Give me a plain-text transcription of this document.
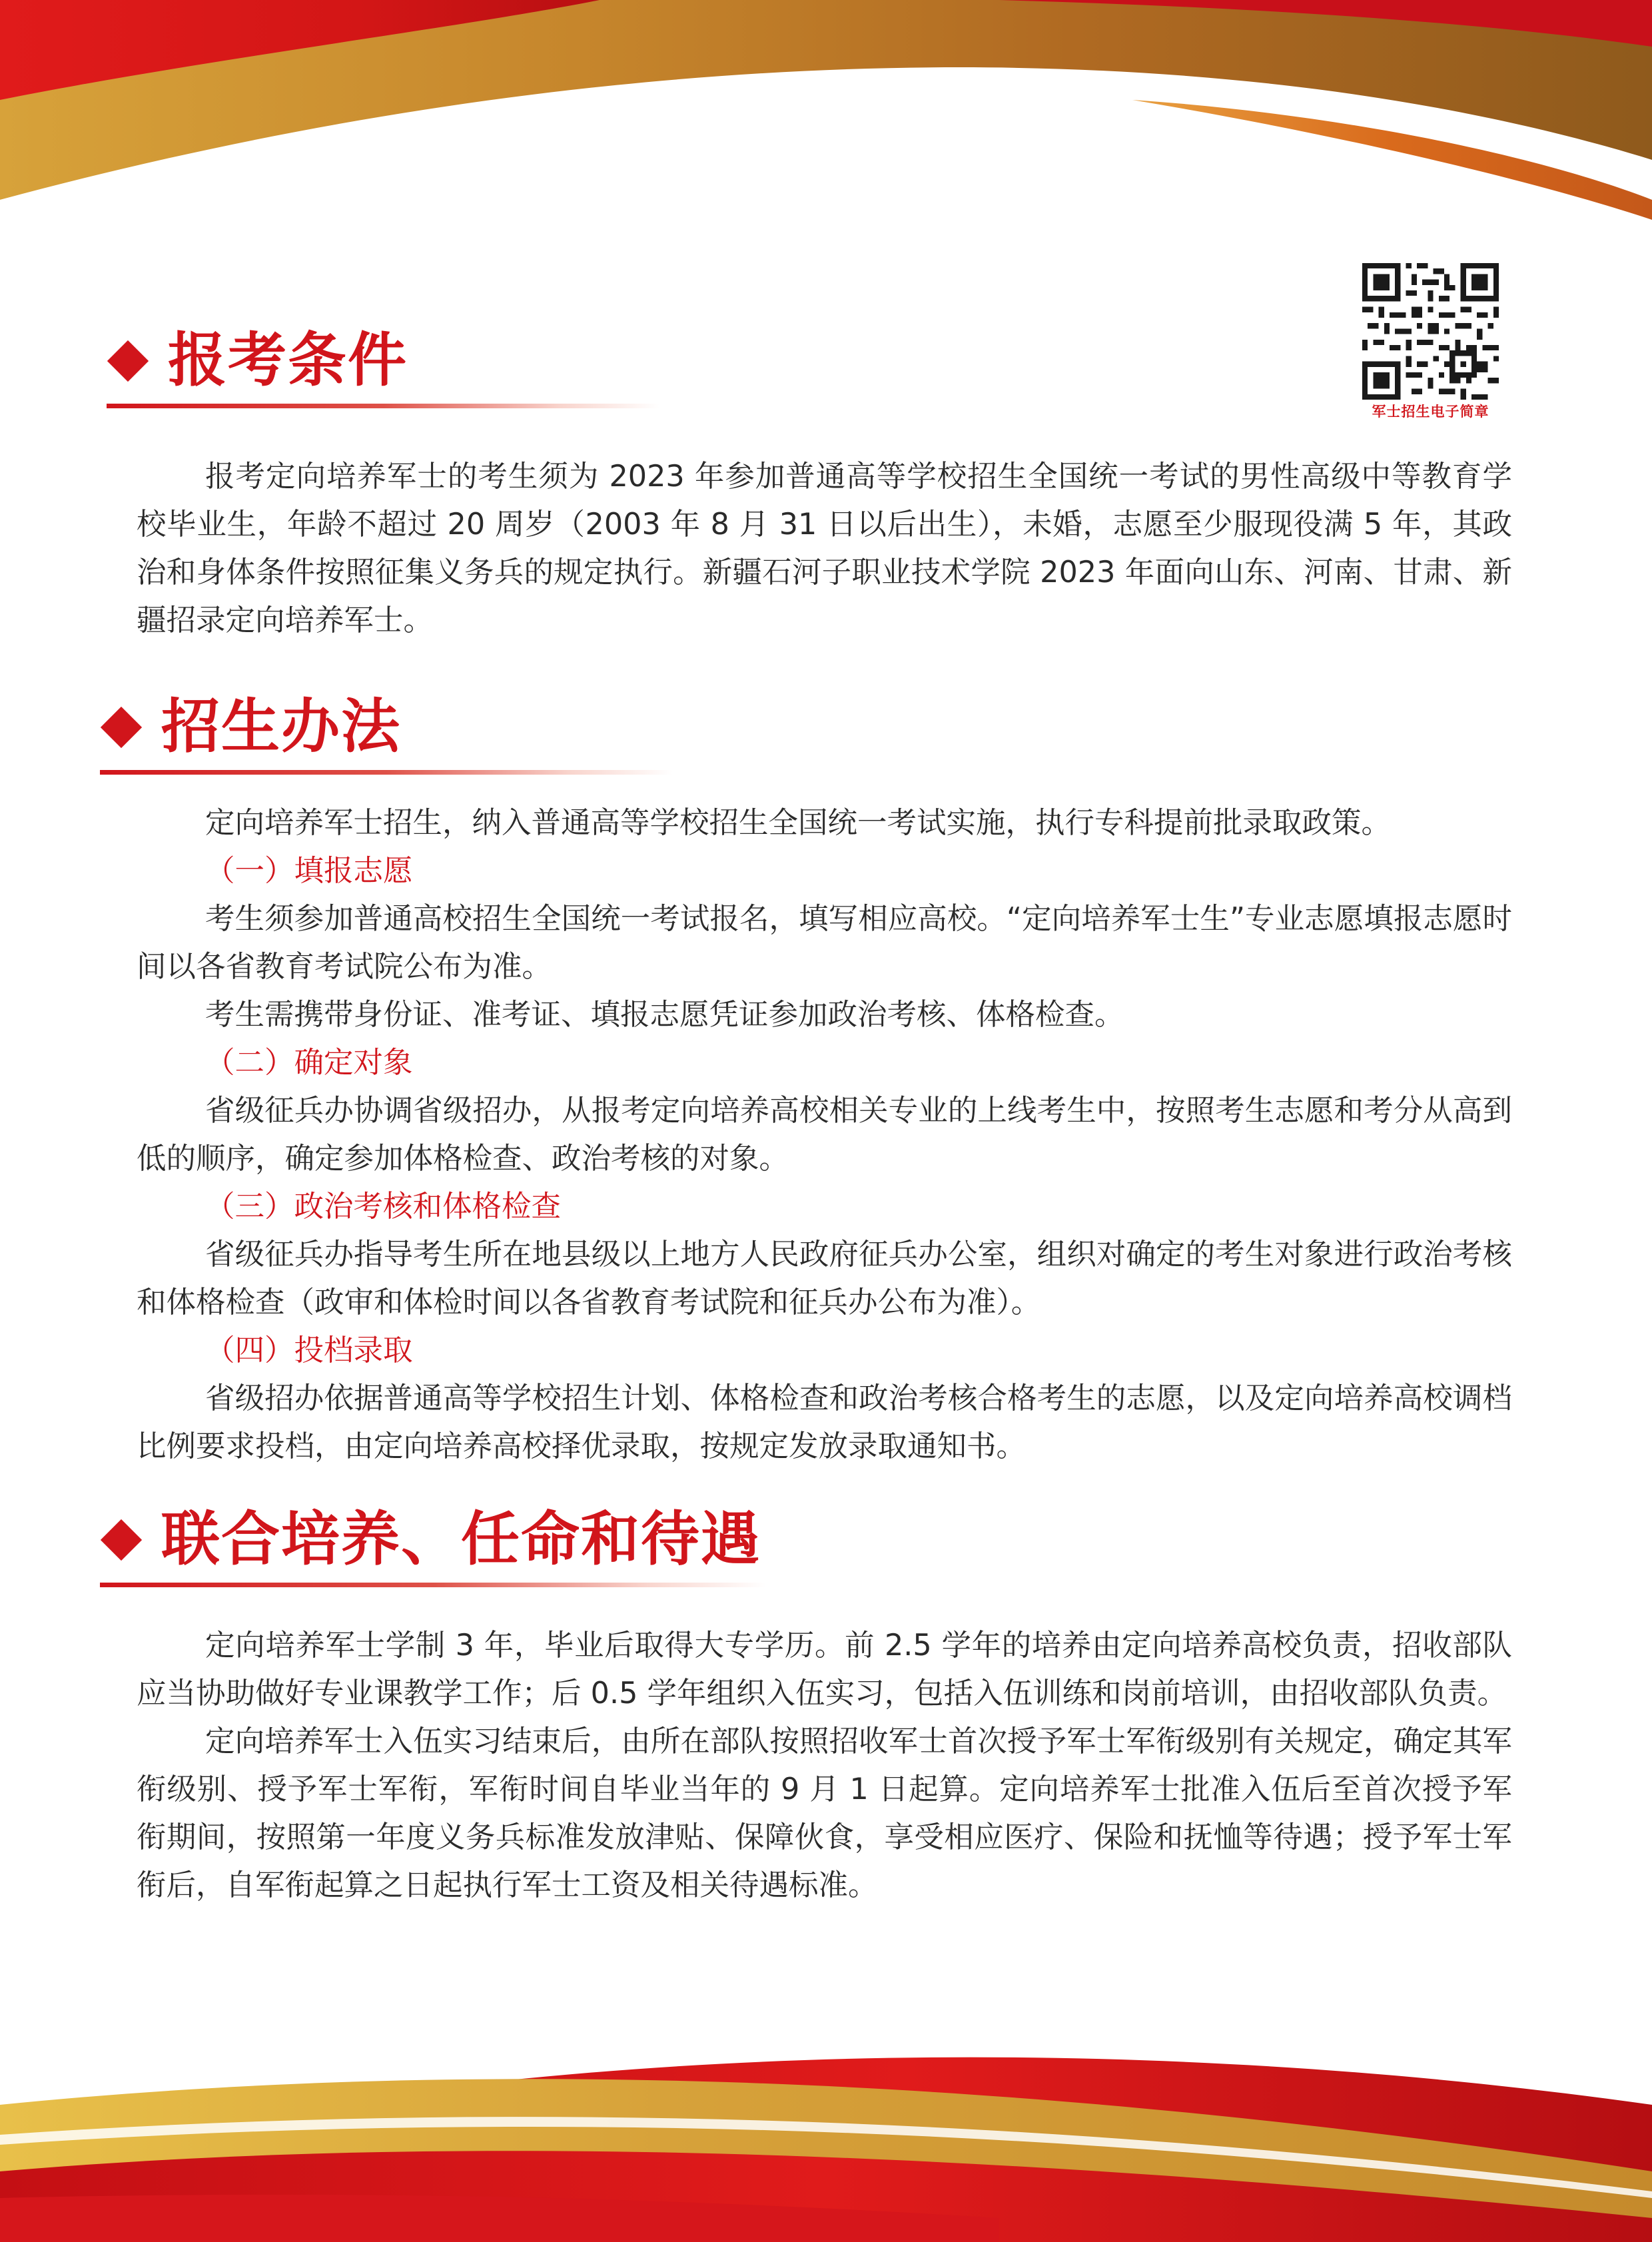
军士招生电子简章
报考条件

报考定向培养军士的考生须为 2023 年参加普通高等学校招生全国统一考试的男性高级中等教育学校毕业生，年龄不超过 20 周岁（2003 年 8 月 31 日以后出生），未婚，志愿至少服现役满 5 年，其政治和身体条件按照征集义务兵的规定执行。新疆石河子职业技术学院 2023 年面向山东、河南、甘肃、新疆招录定向培养军士。

招生办法

定向培养军士招生，纳入普通高等学校招生全国统一考试实施，执行专科提前批录取政策。

（一）填报志愿

考生须参加普通高校招生全国统一考试报名，填写相应高校。“定向培养军士生”专业志愿填报志愿时间以各省教育考试院公布为准。

考生需携带身份证、准考证、填报志愿凭证参加政治考核、体格检查。

（二）确定对象

省级征兵办协调省级招办，从报考定向培养高校相关专业的上线考生中，按照考生志愿和考分从高到低的顺序，确定参加体格检查、政治考核的对象。

（三）政治考核和体格检查

省级征兵办指导考生所在地县级以上地方人民政府征兵办公室，组织对确定的考生对象进行政治考核和体格检查（政审和体检时间以各省教育考试院和征兵办公布为准）。

（四）投档录取

省级招办依据普通高等学校招生计划、体格检查和政治考核合格考生的志愿，以及定向培养高校调档比例要求投档，由定向培养高校择优录取，按规定发放录取通知书。

联合培养、任命和待遇

定向培养军士学制 3 年，毕业后取得大专学历。前 2.5 学年的培养由定向培养高校负责，招收部队应当协助做好专业课教学工作；后 0.5 学年组织入伍实习，包括入伍训练和岗前培训，由招收部队负责。

定向培养军士入伍实习结束后，由所在部队按照招收军士首次授予军士军衔级别有关规定，确定其军衔级别、授予军士军衔，军衔时间自毕业当年的 9 月 1 日起算。定向培养军士批准入伍后至首次授予军衔期间，按照第一年度义务兵标准发放津贴、保障伙食，享受相应医疗、保险和抚恤等待遇；授予军士军衔后，自军衔起算之日起执行军士工资及相关待遇标准。
